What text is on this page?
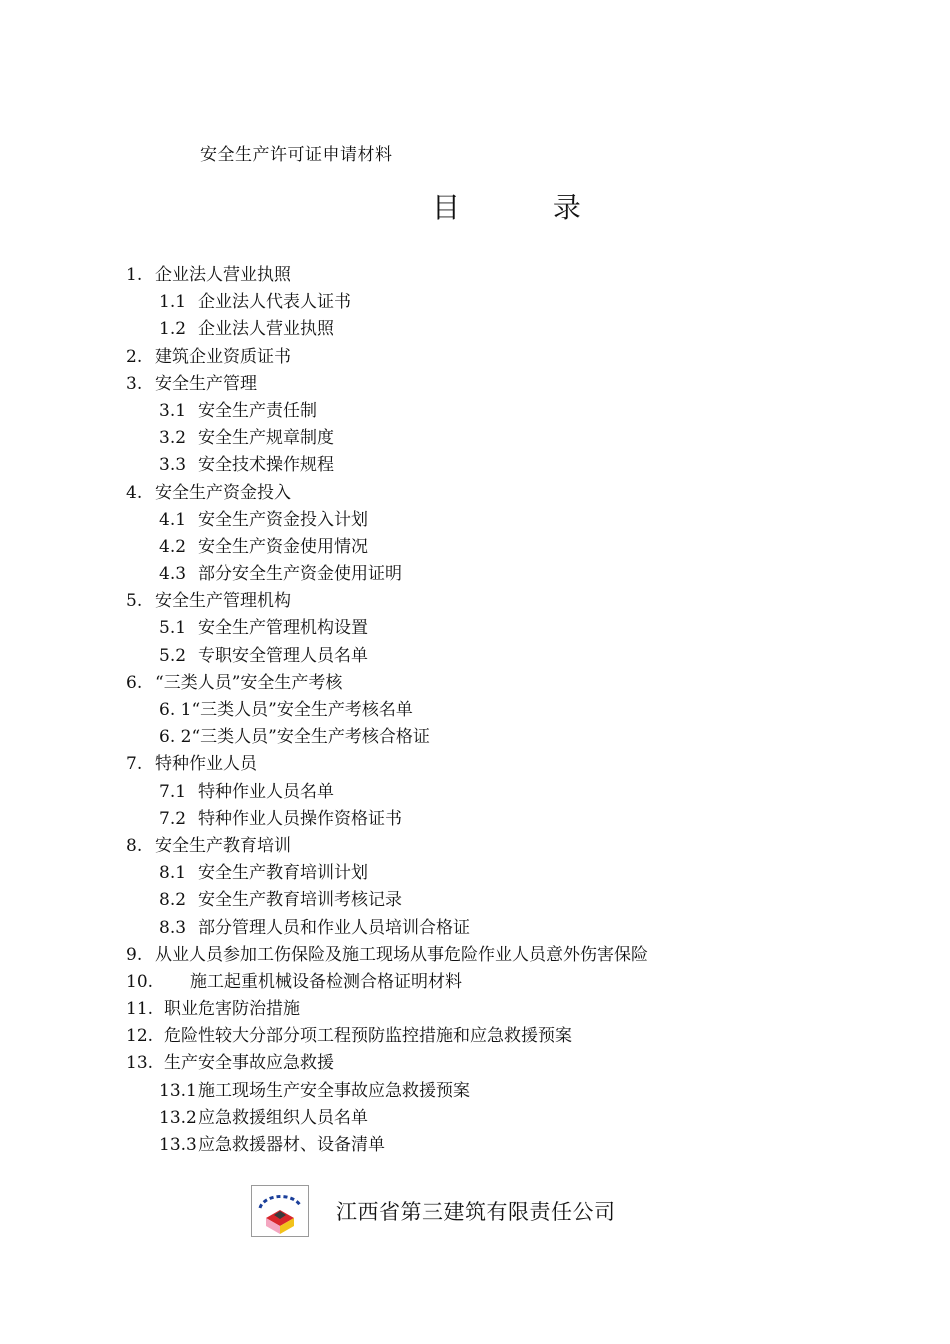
安全生产许可证申请材料
目 录
1. 企业法人营业执照
1.1 企业法人代表人证书
1.2 企业法人营业执照
2. 建筑企业资质证书
3. 安全生产管理
3.1 安全生产责任制
3.2 安全生产规章制度
3.3 安全技术操作规程
4. 安全生产资金投入
4.1 安全生产资金投入计划
4.2 安全生产资金使用情况
4.3 部分安全生产资金使用证明
5. 安全生产管理机构
5.1 安全生产管理机构设置
5.2 专职安全管理人员名单
6. “三类人员”安全生产考核
6. 1“三类人员”安全生产考核名单
6. 2“三类人员”安全生产考核合格证
7. 特种作业人员
7.1 特种作业人员名单
7.2 特种作业人员操作资格证书
8. 安全生产教育培训
8.1 安全生产教育培训计划
8.2 安全生产教育培训考核记录
8.3 部分管理人员和作业人员培训合格证
9. 从业人员参加工伤保险及施工现场从事危险作业人员意外伤害保险
10. 施工起重机械设备检测合格证明材料
11. 职业危害防治措施
12. 危险性较大分部分项工程预防监控措施和应急救援预案
13. 生产安全事故应急救援
13.1施工现场生产安全事故应急救援预案
13.2应急救援组织人员名单
13.3应急救援器材、设备清单
江西省第三建筑有限责任公司
